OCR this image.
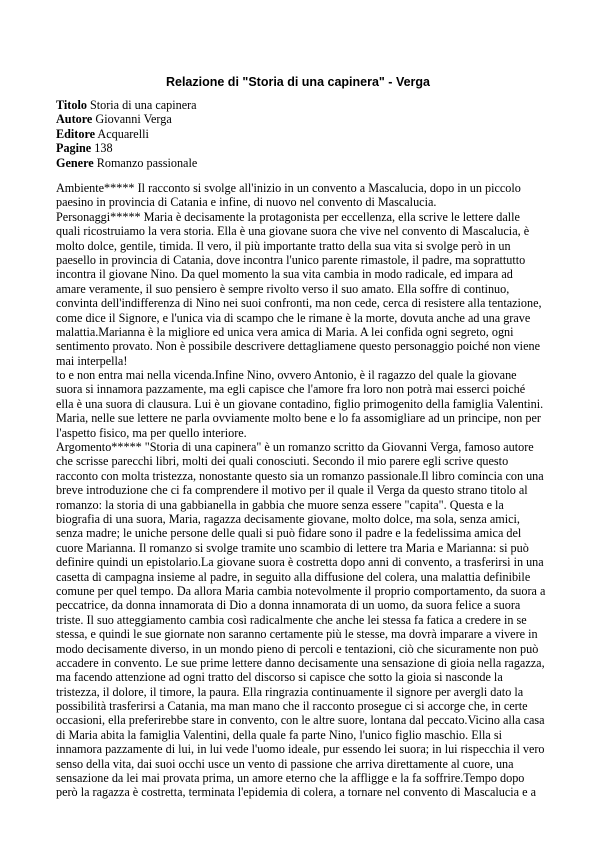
Relazione di "Storia di una capinera" - Verga
Titolo Storia di una capinera
Autore Giovanni Verga
Editore Acquarelli
Pagine 138
Genere Romanzo passionale
Ambiente***** Il racconto si svolge all'inizio in un convento a Mascalucia, dopo in un piccolo
paesino in provincia di Catania e infine, di nuovo nel convento di Mascalucia.
Personaggi***** Maria è decisamente la protagonista per eccellenza, ella scrive le lettere dalle
quali ricostruiamo la vera storia. Ella è una giovane suora che vive nel convento di Mascalucia, è
molto dolce, gentile, timida. Il vero, il più importante tratto della sua vita si svolge però in un
paesello in provincia di Catania, dove incontra l'unico parente rimastole, il padre, ma soprattutto
incontra il giovane Nino. Da quel momento la sua vita cambia in modo radicale, ed impara ad
amare veramente, il suo pensiero è sempre rivolto verso il suo amato. Ella soffre di continuo,
convinta dell'indifferenza di Nino nei suoi confronti, ma non cede, cerca di resistere alla tentazione,
come dice il Signore, e l'unica via di scampo che le rimane è la morte, dovuta anche ad una grave
malattia.Marianna è la migliore ed unica vera amica di Maria. A lei confida ogni segreto, ogni
sentimento provato. Non è possibile descrivere dettagliamene questo personaggio poiché non viene
mai interpella!
to e non entra mai nella vicenda.Infine Nino, ovvero Antonio, è il ragazzo del quale la giovane
suora si innamora pazzamente, ma egli capisce che l'amore fra loro non potrà mai esserci poiché
ella è una suora di clausura. Lui è un giovane contadino, figlio primogenito della famiglia Valentini.
Maria, nelle sue lettere ne parla ovviamente molto bene e lo fa assomigliare ad un principe, non per
l'aspetto fisico, ma per quello interiore.
Argomento***** "Storia di una capinera" è un romanzo scritto da Giovanni Verga, famoso autore
che scrisse parecchi libri, molti dei quali conosciuti. Secondo il mio parere egli scrive questo
racconto con molta tristezza, nonostante questo sia un romanzo passionale.Il libro comincia con una
breve introduzione che ci fa comprendere il motivo per il quale il Verga da questo strano titolo al
romanzo: la storia di una gabbianella in gabbia che muore senza essere "capita". Questa e la
biografia di una suora, Maria, ragazza decisamente giovane, molto dolce, ma sola, senza amici,
senza madre; le uniche persone delle quali si può fidare sono il padre e la fedelissima amica del
cuore Marianna. Il romanzo si svolge tramite uno scambio di lettere tra Maria e Marianna: si può
definire quindi un epistolario.La giovane suora è costretta dopo anni di convento, a trasferirsi in una
casetta di campagna insieme al padre, in seguito alla diffusione del colera, una malattia definibile
comune per quel tempo. Da allora Maria cambia notevolmente il proprio comportamento, da suora a
peccatrice, da donna innamorata di Dio a donna innamorata di un uomo, da suora felice a suora
triste. Il suo atteggiamento cambia così radicalmente che anche lei stessa fa fatica a credere in se
stessa, e quindi le sue giornate non saranno certamente più le stesse, ma dovrà imparare a vivere in
modo decisamente diverso, in un mondo pieno di percoli e tentazioni, ciò che sicuramente non può
accadere in convento. Le sue prime lettere danno decisamente una sensazione di gioia nella ragazza,
ma facendo attenzione ad ogni tratto del discorso si capisce che sotto la gioia si nasconde la
tristezza, il dolore, il timore, la paura. Ella ringrazia continuamente il signore per avergli dato la
possibilità trasferirsi a Catania, ma man mano che il racconto prosegue ci si accorge che, in certe
occasioni, ella preferirebbe stare in convento, con le altre suore, lontana dal peccato.Vicino alla casa
di Maria abita la famiglia Valentini, della quale fa parte Nino, l'unico figlio maschio. Ella si
innamora pazzamente di lui, in lui vede l'uomo ideale, pur essendo lei suora; in lui rispecchia il vero
senso della vita, dai suoi occhi usce un vento di passione che arriva direttamente al cuore, una
sensazione da lei mai provata prima, un amore eterno che la affligge e la fa soffrire.Tempo dopo
però la ragazza è costretta, terminata l'epidemia di colera, a tornare nel convento di Mascalucia e a
